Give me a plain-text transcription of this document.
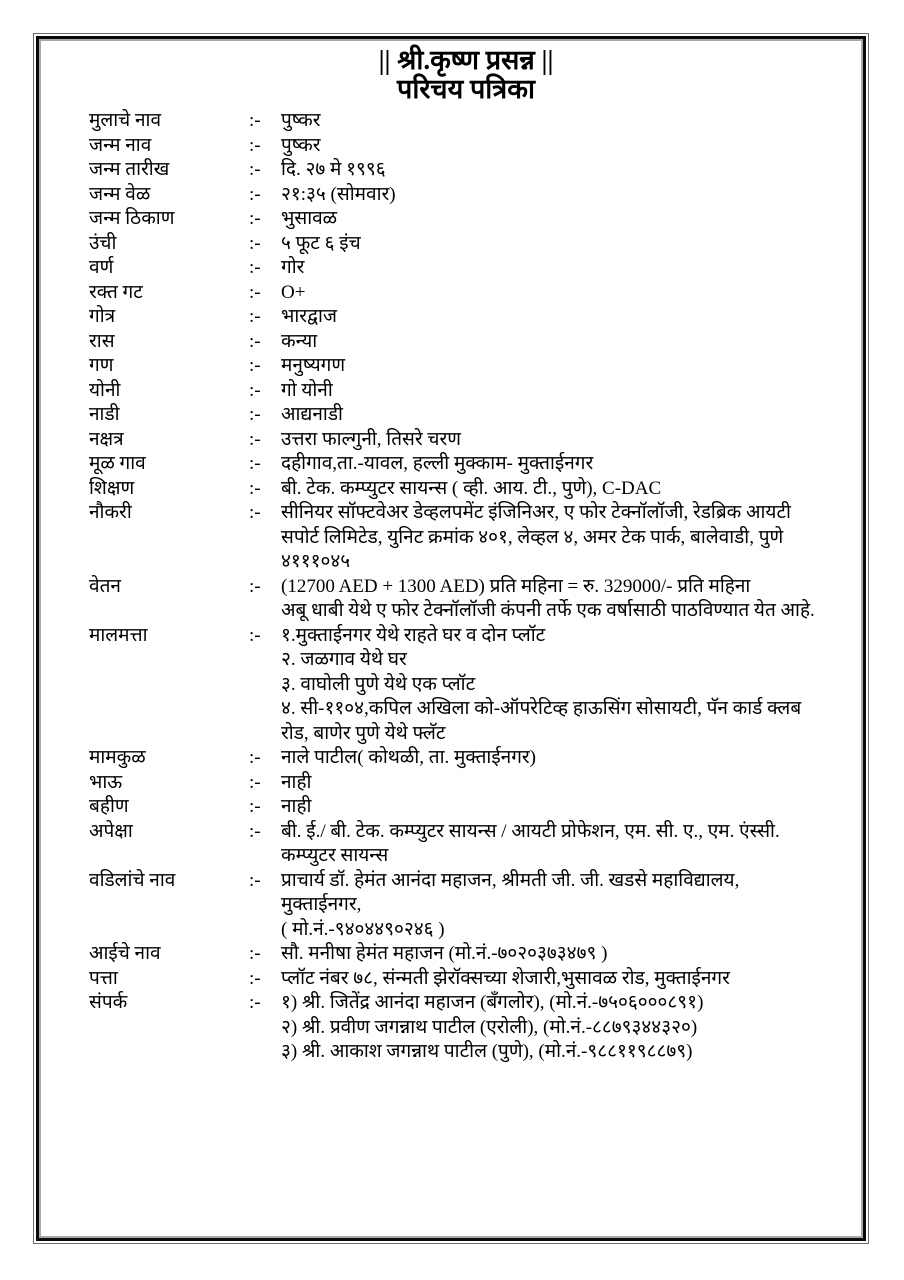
|| श्री.कृष्ण प्रसन्न ||
परिचय पत्रिका
मुलाचे नाव	:-	पुष्कर
जन्म नाव	:-	पुष्कर
जन्म तारीख	:-	दि. २७ मे १९९६
जन्म वेळ	:-	२१:३५ (सोमवार)
जन्म ठिकाण	:-	भुसावळ
उंची	:-	५ फूट ६ इंच
वर्ण	:-	गोर
रक्त गट	:-	O+
गोत्र	:-	भारद्वाज
रास	:-	कन्या
गण	:-	मनुष्यगण
योनी	:-	गो योनी
नाडी	:-	आद्यनाडी
नक्षत्र	:-	उत्तरा फाल्गुनी, तिसरे चरण
मूळ गाव	:-	दहीगाव,ता.-यावल, हल्ली मुक्काम- मुक्ताईनगर
शिक्षण	:-	बी. टेक. कम्प्युटर सायन्स ( व्ही. आय. टी., पुणे), C-DAC
नौकरी	:-	सीनियर सॉफ्टवेअर डेव्हलपमेंट इंजिनिअर, ए फोर टेक्नॉलॉजी, रेडब्रिक आयटी
सपोर्ट लिमिटेड, युनिट क्रमांक ४०१, लेव्हल ४, अमर टेक पार्क, बालेवाडी, पुणे
४१११०४५
वेतन	:-	(12700 AED + 1300 AED) प्रति महिना = रु. 329000/- प्रति महिना
अबू धाबी येथे ए फोर टेक्नॉलॉजी कंपनी तर्फे एक वर्षासाठी पाठविण्यात येत आहे.
मालमत्ता	:-	१.मुक्ताईनगर येथे राहते घर व दोन प्लॉट
२. जळगाव येथे घर
३. वाघोली पुणे येथे एक प्लॉट
४. सी-११०४,कपिल अखिला को-ऑपरेटिव्ह हाऊसिंग सोसायटी, पॅन कार्ड क्लब
रोड, बाणेर पुणे येथे फ्लॅट
मामकुळ	:-	नाले पाटील( कोथळी, ता. मुक्ताईनगर)
भाऊ	:-	नाही
बहीण	:-	नाही
अपेक्षा	:-	बी. ई./ बी. टेक. कम्प्युटर सायन्स / आयटी प्रोफेशन, एम. सी. ए., एम. एंस्सी.
कम्प्युटर सायन्स
वडिलांचे नाव	:-	प्राचार्य डॉ. हेमंत आनंदा महाजन, श्रीमती जी. जी. खडसे महाविद्यालय,
मुक्ताईनगर,
( मो.नं.-९४०४४९०२४६ )
आईचे नाव	:-	सौ. मनीषा हेमंत महाजन (मो.नं.-७०२०३७३४७९ )
पत्ता	:-	प्लॉट नंबर ७८, संन्मती झेरॉक्सच्या शेजारी,भुसावळ रोड, मुक्ताईनगर
संपर्क	:-	१) श्री. जितेंद्र आनंदा महाजन (बँगलोर), (मो.नं.-७५०६०००८९१)
२) श्री. प्रवीण जगन्नाथ पाटील (एरोली), (मो.नं.-८८७९३४४३२०)
३) श्री. आकाश जगन्नाथ पाटील (पुणे), (मो.नं.-९८८११९८८७९)
